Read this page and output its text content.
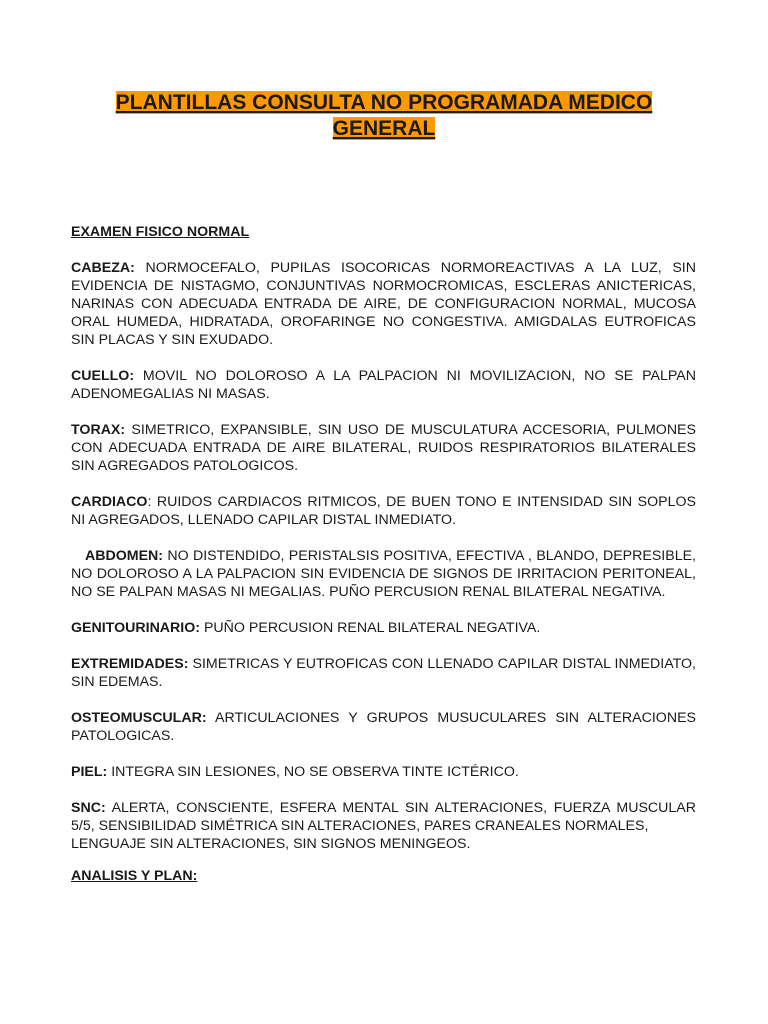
PLANTILLAS CONSULTA NO PROGRAMADA MEDICO
GENERAL

EXAMEN FISICO NORMAL

CABEZA: NORMOCEFALO, PUPILAS ISOCORICAS NORMOREACTIVAS A LA LUZ, SIN EVIDENCIA DE NISTAGMO, CONJUNTIVAS NORMOCROMICAS, ESCLERAS ANICTERICAS, NARINAS CON ADECUADA ENTRADA DE AIRE, DE CONFIGURACION NORMAL, MUCOSA ORAL HUMEDA, HIDRATADA, OROFARINGE NO CONGESTIVA. AMIGDALAS EUTROFICAS SIN PLACAS Y SIN EXUDADO.

CUELLO: MOVIL NO DOLOROSO A LA PALPACION NI MOVILIZACION, NO SE PALPAN ADENOMEGALIAS NI MASAS.

TORAX: SIMETRICO, EXPANSIBLE, SIN USO DE MUSCULATURA ACCESORIA, PULMONES CON ADECUADA ENTRADA DE AIRE BILATERAL, RUIDOS RESPIRATORIOS BILATERALES SIN AGREGADOS PATOLOGICOS.

CARDIACO: RUIDOS CARDIACOS RITMICOS, DE BUEN TONO E INTENSIDAD SIN SOPLOS NI AGREGADOS, LLENADO CAPILAR DISTAL INMEDIATO.

ABDOMEN: NO DISTENDIDO, PERISTALSIS POSITIVA, EFECTIVA , BLANDO, DEPRESIBLE, NO DOLOROSO A LA PALPACION SIN EVIDENCIA DE SIGNOS DE IRRITACION PERITONEAL, NO SE PALPAN MASAS NI MEGALIAS. PUÑO PERCUSION RENAL BILATERAL NEGATIVA.

GENITOURINARIO: PUÑO PERCUSION RENAL BILATERAL NEGATIVA.

EXTREMIDADES: SIMETRICAS Y EUTROFICAS CON LLENADO CAPILAR DISTAL INMEDIATO, SIN EDEMAS.

OSTEOMUSCULAR: ARTICULACIONES Y GRUPOS MUSUCULARES SIN ALTERACIONES PATOLOGICAS.

PIEL: INTEGRA SIN LESIONES, NO SE OBSERVA TINTE ICTÉRICO.

SNC: ALERTA, CONSCIENTE, ESFERA MENTAL SIN ALTERACIONES, FUERZA MUSCULAR 5/5, SENSIBILIDAD SIMÉTRICA SIN ALTERACIONES, PARES CRANEALES NORMALES,
LENGUAJE SIN ALTERACIONES, SIN SIGNOS MENINGEOS.

ANALISIS Y PLAN:
